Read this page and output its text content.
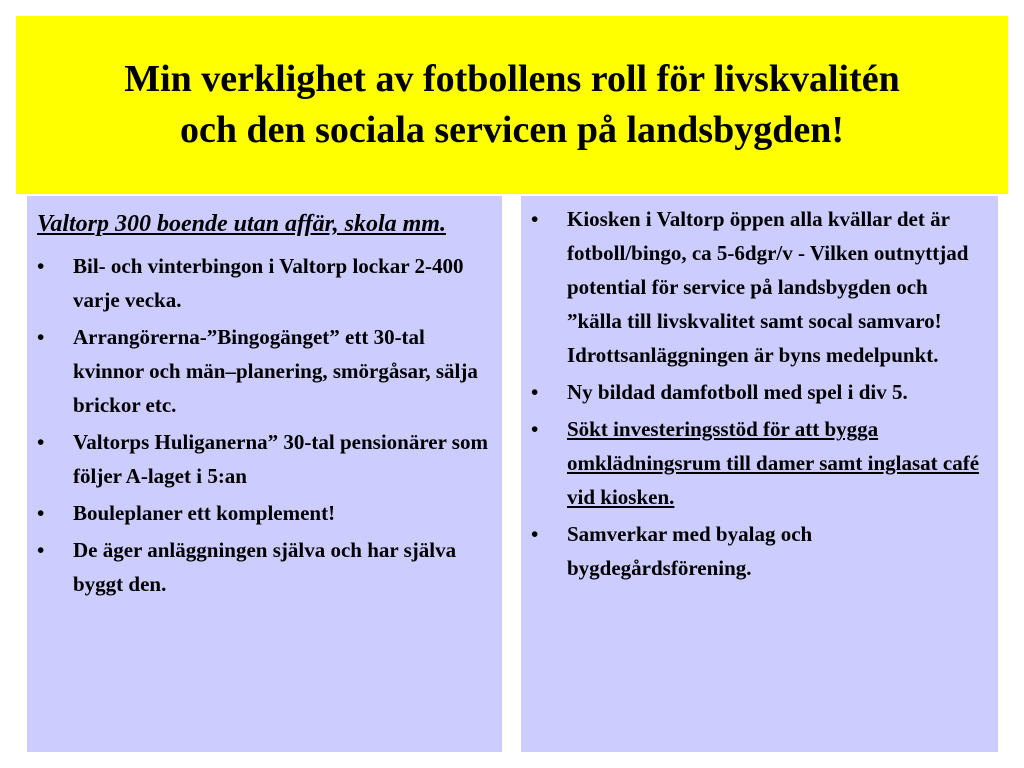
Min verklighet av fotbollens roll för livskvalitén
och den sociala servicen på landsbygden!
Valtorp 300 boende utan affär, skola mm.
•	Bil- och vinterbingon i Valtorp lockar 2-400 varje vecka.
•	Arrangörerna-”Bingogänget” ett 30-tal kvinnor och män–planering, smörgåsar, sälja brickor etc.
•	Valtorps Huliganerna” 30-tal pensionärer som följer A-laget i 5:an
•	Bouleplaner ett komplement!
•	De äger anläggningen själva och har själva byggt den.
•	Kiosken i Valtorp öppen alla kvällar det är fotboll/bingo, ca 5-6dgr/v - Vilken outnyttjad potential för service på landsbygden och ”källa till livskvalitet samt socal samvaro! Idrottsanläggningen är byns medelpunkt.
•	Ny bildad damfotboll med spel i div 5.
•	Sökt investeringsstöd för att bygga omklädningsrum till damer samt inglasat café vid kiosken.
•	Samverkar med byalag och bygdegårdsförening.
